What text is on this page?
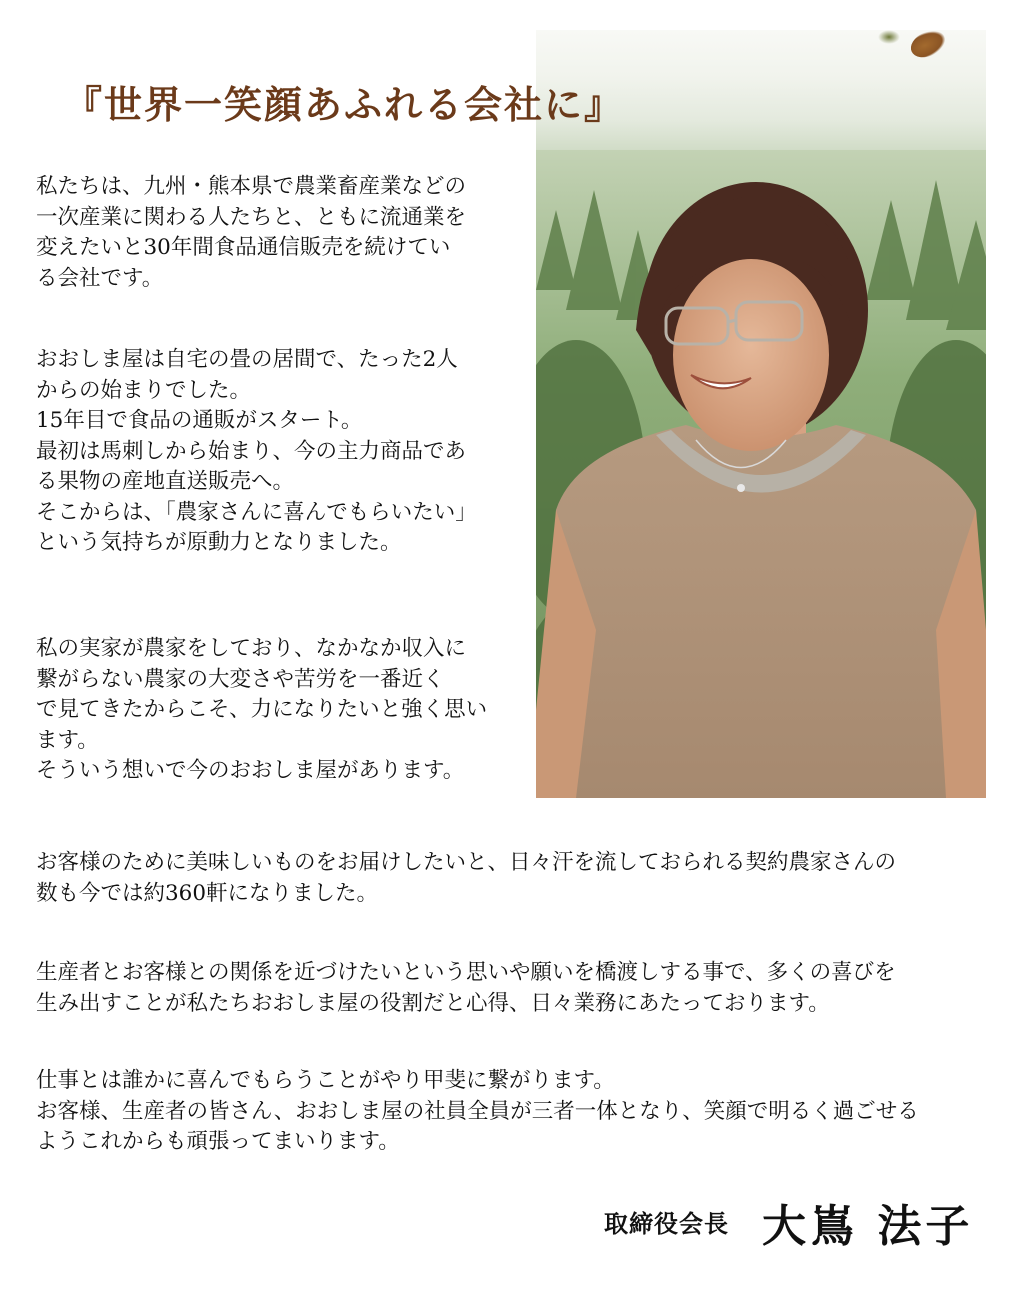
『世界一笑顔あふれる会社に』
私たちは、九州・熊本県で農業畜産業などの
一次産業に関わる人たちと、ともに流通業を
変えたいと30年間食品通信販売を続けてい
る会社です。
おおしま屋は自宅の畳の居間で、たった2人
からの始まりでした。
15年目で食品の通販がスタート。
最初は馬刺しから始まり、今の主力商品であ
る果物の産地直送販売へ。
そこからは、「農家さんに喜んでもらいたい」
という気持ちが原動力となりました。
私の実家が農家をしており、なかなか収入に
繋がらない農家の大変さや苦労を一番近く
で見てきたからこそ、力になりたいと強く思い
ます。
そういう想いで今のおおしま屋があります。
お客様のために美味しいものをお届けしたいと、日々汗を流しておられる契約農家さんの
数も今では約360軒になりました。
生産者とお客様との関係を近づけたいという思いや願いを橋渡しする事で、多くの喜びを
生み出すことが私たちおおしま屋の役割だと心得、日々業務にあたっております。
仕事とは誰かに喜んでもらうことがやり甲斐に繋がります。
お客様、生産者の皆さん、おおしま屋の社員全員が三者一体となり、笑顔で明るく過ごせる
ようこれからも頑張ってまいります。
取締役会長 大嶌 法子
